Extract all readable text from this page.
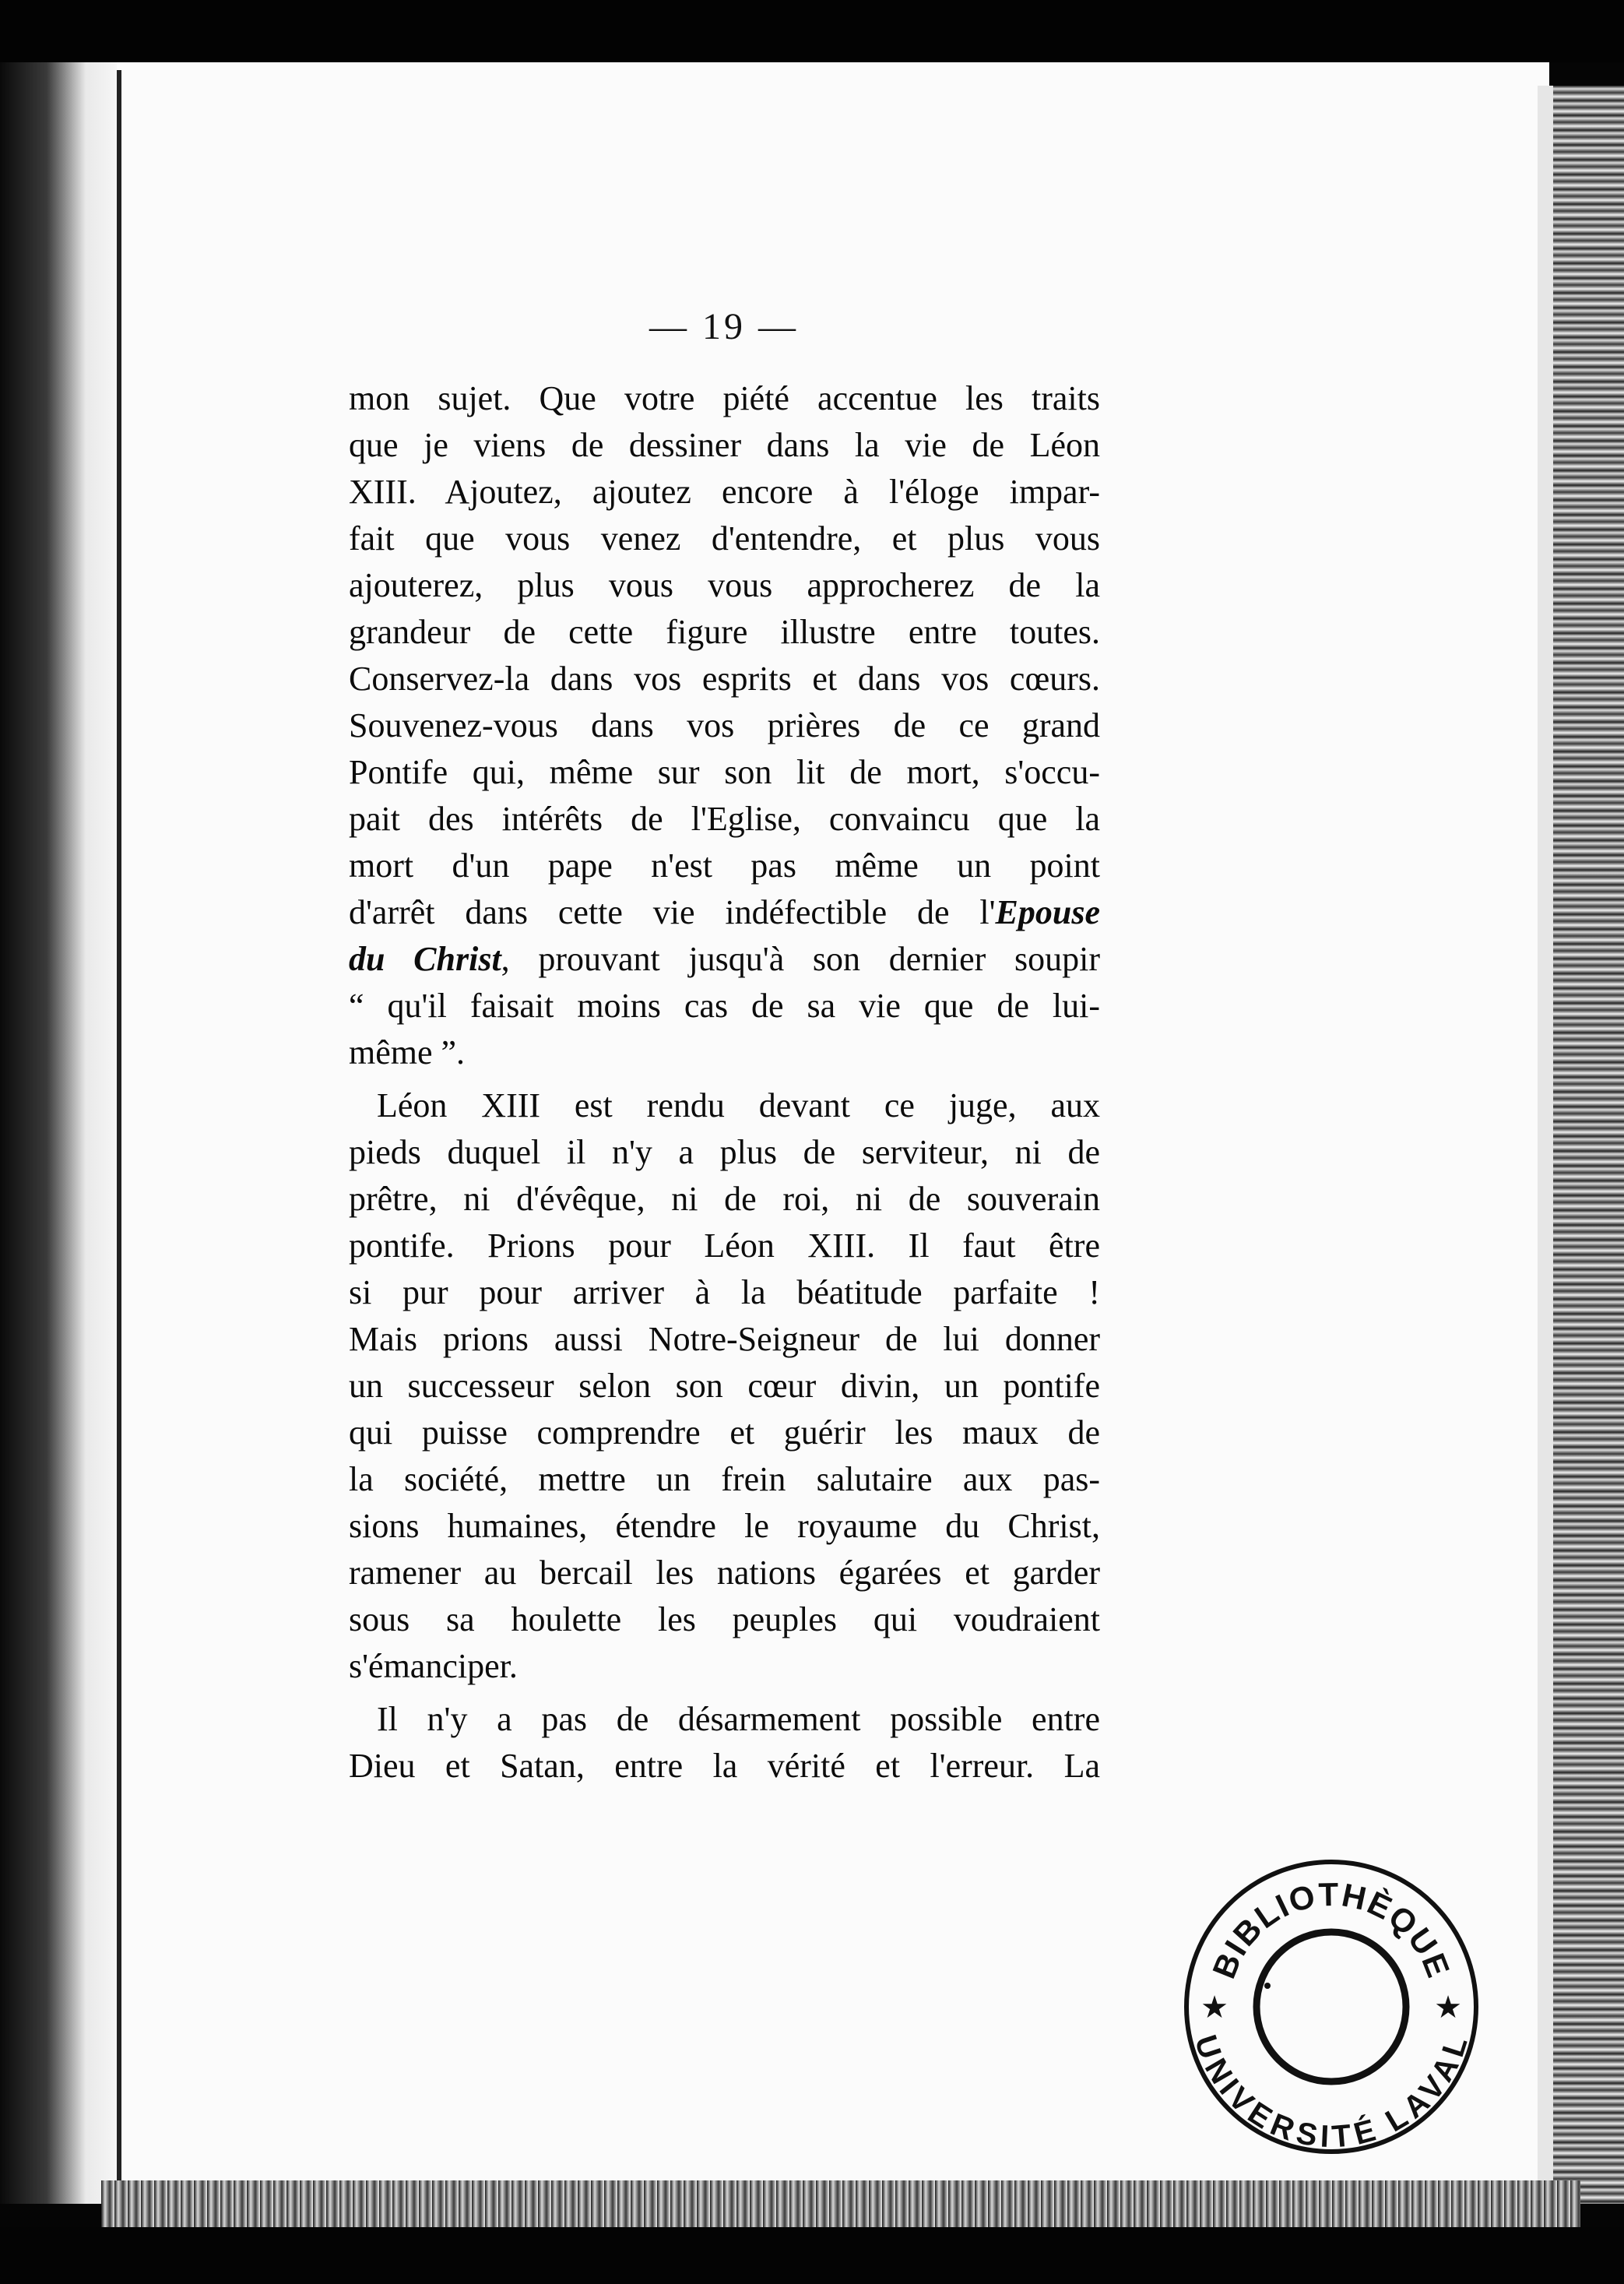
— 19 —
mon sujet. Que votre piété accentue les traits
que je viens de dessiner dans la vie de Léon
XIII. Ajoutez, ajoutez encore à l'éloge impar-
fait que vous venez d'entendre, et plus vous
ajouterez, plus vous vous approcherez de la
grandeur de cette figure illustre entre toutes.
Conservez-la dans vos esprits et dans vos cœurs.
Souvenez-vous dans vos prières de ce grand
Pontife qui, même sur son lit de mort, s'occu-
pait des intérêts de l'Eglise, convaincu que la
mort d'un pape n'est pas même un point
d'arrêt dans cette vie indéfectible de l'Epouse
du Christ, prouvant jusqu'à son dernier soupir
“ qu'il faisait moins cas de sa vie que de lui-
même ”.
Léon XIII est rendu devant ce juge, aux
pieds duquel il n'y a plus de serviteur, ni de
prêtre, ni d'évêque, ni de roi, ni de souverain
pontife. Prions pour Léon XIII. Il faut être
si pur pour arriver à la béatitude parfaite !
Mais prions aussi Notre-Seigneur de lui donner
un successeur selon son cœur divin, un pontife
qui puisse comprendre et guérir les maux de
la société, mettre un frein salutaire aux pas-
sions humaines, étendre le royaume du Christ,
ramener au bercail les nations égarées et garder
sous sa houlette les peuples qui voudraient
s'émanciper.
Il n'y a pas de désarmement possible entre
Dieu et Satan, entre la vérité et l'erreur. La
BIBLIOTHÈQUE
UNIVERSITÉ LAVAL
★	★
